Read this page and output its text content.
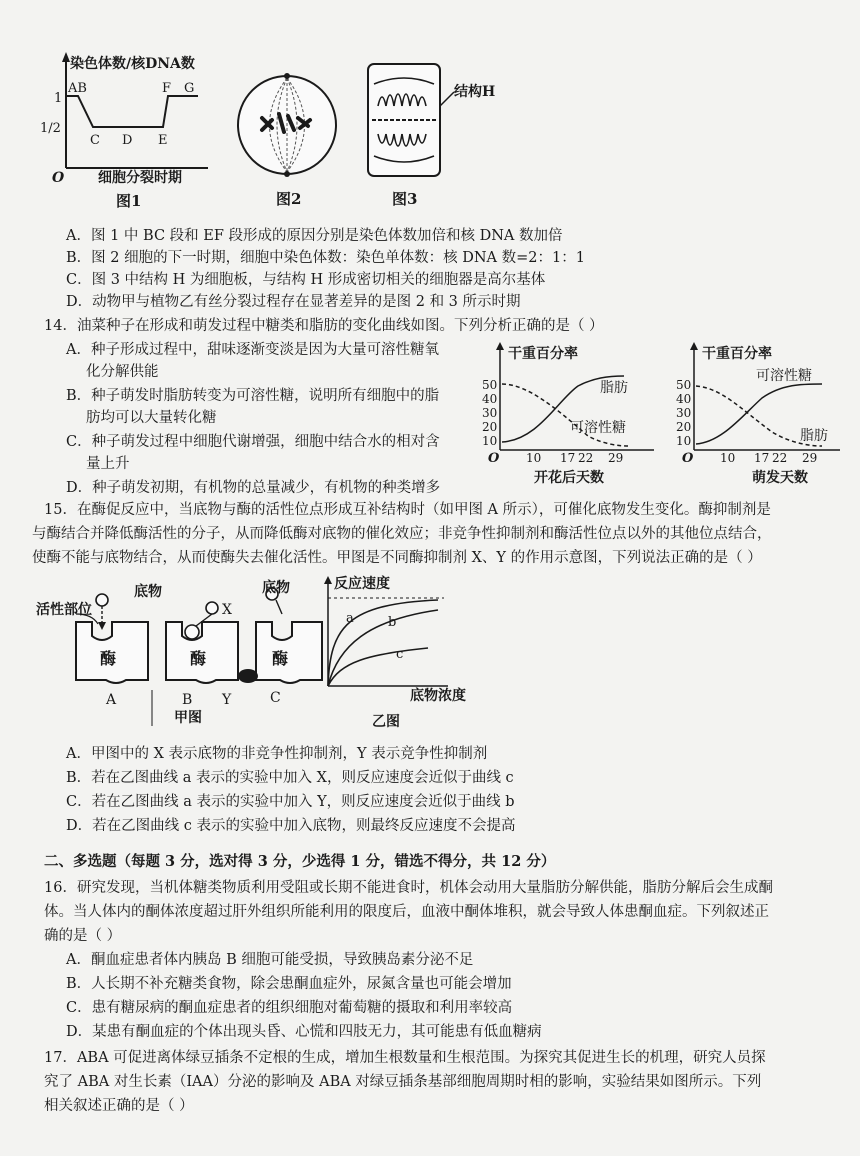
染色体数/核DNA数
1
1/2
O
AB
C D E
F G
细胞分裂时期
图1	图2
结构H
图3
A．图 1 中 BC 段和 EF 段形成的原因分别是染色体数加倍和核 DNA 数加倍
B．图 2 细胞的下一时期，细胞中染色体数：染色单体数：核 DNA 数=2：1：1
C．图 3 中结构 H 为细胞板，与结构 H 形成密切相关的细胞器是高尔基体
D．动物甲与植物乙有丝分裂过程存在显著差异的是图 2 和 3 所示时期
14．油菜种子在形成和萌发过程中糖类和脂肪的变化曲线如图。下列分析正确的是（ ）
A．种子形成过程中，甜味逐渐变淡是因为大量可溶性糖氧
化分解供能
B．种子萌发时脂肪转变为可溶性糖，说明所有细胞中的脂
肪均可以大量转化糖
C．种子萌发过程中细胞代谢增强，细胞中结合水的相对含
量上升
D．种子萌发初期，有机物的总量减少，有机物的种类增多
干重百分率
50
40
30
20
10
O 10 17 22 29
开花后天数
脂肪
可溶性糖
干重百分率
50
40
30
20
10
O 10 17 22 29
萌发天数
可溶性糖
脂肪
15．在酶促反应中，当底物与酶的活性位点形成互补结构时（如甲图 A 所示），可催化底物发生变化。酶抑制剂是
与酶结合并降低酶活性的分子，从而降低酶对底物的催化效应；非竞争性抑制剂和酶活性位点以外的其他位点结合，
使酶不能与底物结合，从而使酶失去催化活性。甲图是不同酶抑制剂 X、Y 的作用示意图，下列说法正确的是（ ）
活性部位
底物	底物
X
酶	酶	酶
A	B Y	C
甲图
反应速度
a	b
c
底物浓度
乙图
A．甲图中的 X 表示底物的非竞争性抑制剂，Y 表示竞争性抑制剂
B．若在乙图曲线 a 表示的实验中加入 X，则反应速度会近似于曲线 c
C．若在乙图曲线 a 表示的实验中加入 Y，则反应速度会近似于曲线 b
D．若在乙图曲线 c 表示的实验中加入底物，则最终反应速度不会提高
二、多选题（每题 3 分，选对得 3 分，少选得 1 分，错选不得分，共 12 分）
16．研究发现，当机体糖类物质利用受阻或长期不能进食时，机体会动用大量脂肪分解供能，脂肪分解后会生成酮
体。当人体内的酮体浓度超过肝外组织所能利用的限度后，血液中酮体堆积，就会导致人体患酮血症。下列叙述正
确的是（ ）
A．酮血症患者体内胰岛 B 细胞可能受损，导致胰岛素分泌不足
B．人长期不补充糖类食物，除会患酮血症外，尿氮含量也可能会增加
C．患有糖尿病的酮血症患者的组织细胞对葡萄糖的摄取和利用率较高
D．某患有酮血症的个体出现头昏、心慌和四肢无力，其可能患有低血糖病
17．ABA 可促进离体绿豆插条不定根的生成，增加生根数量和生根范围。为探究其促进生长的机理，研究人员探
究了 ABA 对生长素（IAA）分泌的影响及 ABA 对绿豆插条基部细胞周期时相的影响，实验结果如图所示。下列
相关叙述正确的是（ ）
